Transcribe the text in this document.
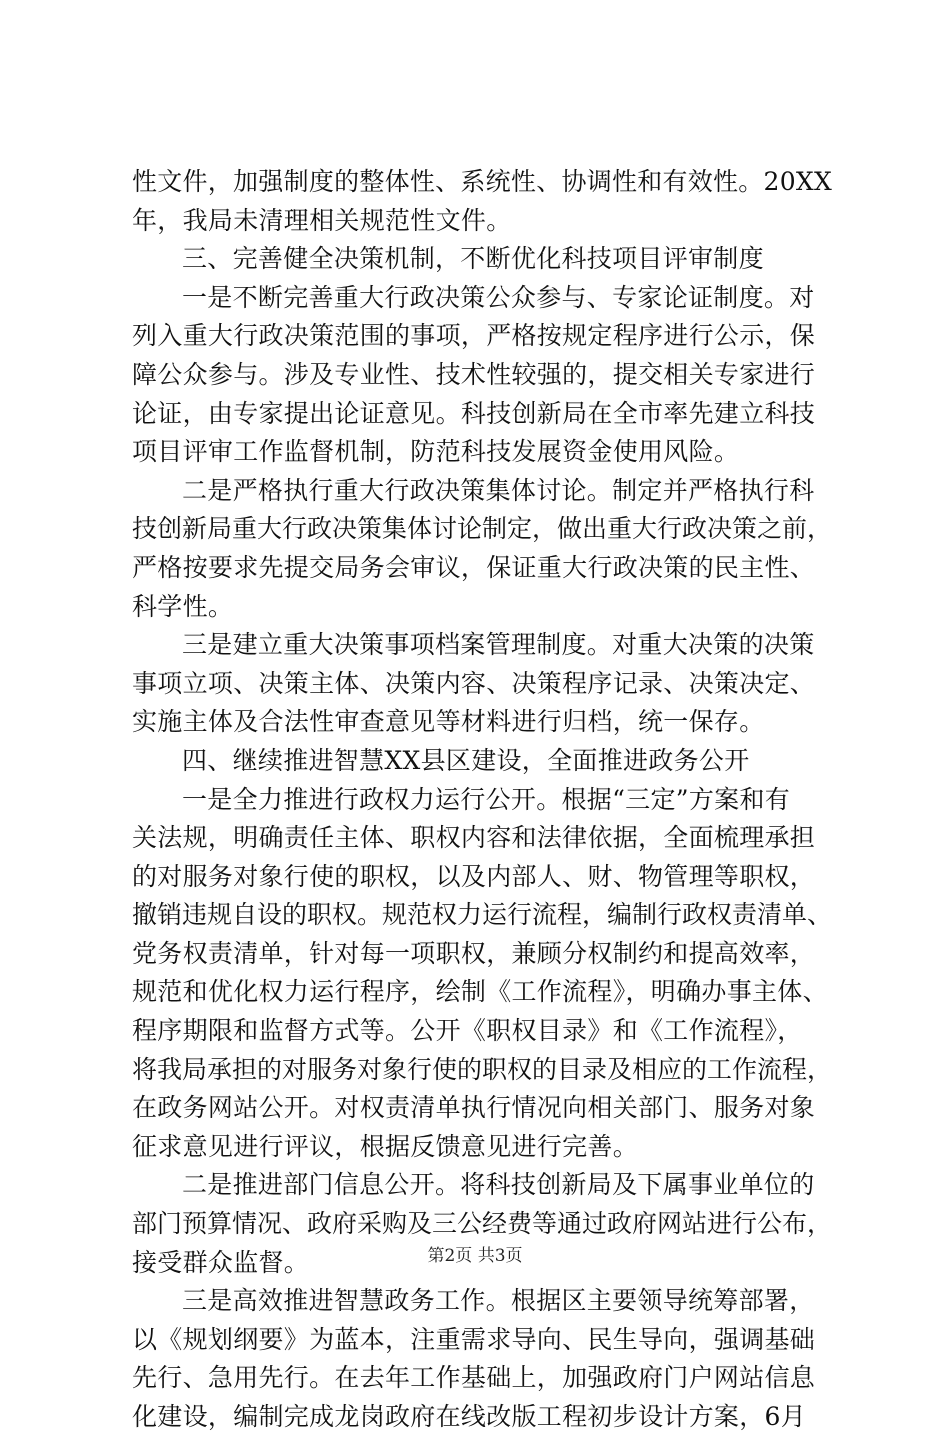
性文件，加强制度的整体性、系统性、协调性和有效性。20XX
年，我局未清理相关规范性文件。
三、完善健全决策机制，不断优化科技项目评审制度
一是不断完善重大行政决策公众参与、专家论证制度。对
列入重大行政决策范围的事项，严格按规定程序进行公示，保
障公众参与。涉及专业性、技术性较强的，提交相关专家进行
论证，由专家提出论证意见。科技创新局在全市率先建立科技
项目评审工作监督机制，防范科技发展资金使用风险。
二是严格执行重大行政决策集体讨论。制定并严格执行科
技创新局重大行政决策集体讨论制定，做出重大行政决策之前，
严格按要求先提交局务会审议，保证重大行政决策的民主性、
科学性。
三是建立重大决策事项档案管理制度。对重大决策的决策
事项立项、决策主体、决策内容、决策程序记录、决策决定、
实施主体及合法性审查意见等材料进行归档，统一保存。
四、继续推进智慧XX县区建设，全面推进政务公开
一是全力推进行政权力运行公开。根据“三定”方案和有
关法规，明确责任主体、职权内容和法律依据，全面梳理承担
的对服务对象行使的职权，以及内部人、财、物管理等职权，
撤销违规自设的职权。规范权力运行流程，编制行政权责清单、
党务权责清单，针对每一项职权，兼顾分权制约和提高效率，
规范和优化权力运行程序，绘制《工作流程》，明确办事主体、
程序期限和监督方式等。公开《职权目录》和《工作流程》，
将我局承担的对服务对象行使的职权的目录及相应的工作流程，
在政务网站公开。对权责清单执行情况向相关部门、服务对象
征求意见进行评议，根据反馈意见进行完善。
二是推进部门信息公开。将科技创新局及下属事业单位的
部门预算情况、政府采购及三公经费等通过政府网站进行公布，
接受群众监督。
三是高效推进智慧政务工作。根据区主要领导统筹部署，
以《规划纲要》为蓝本，注重需求导向、民生导向，强调基础
先行、急用先行。在去年工作基础上，加强政府门户网站信息
化建设，编制完成龙岗政府在线改版工程初步设计方案，6月
第2页 共3页
